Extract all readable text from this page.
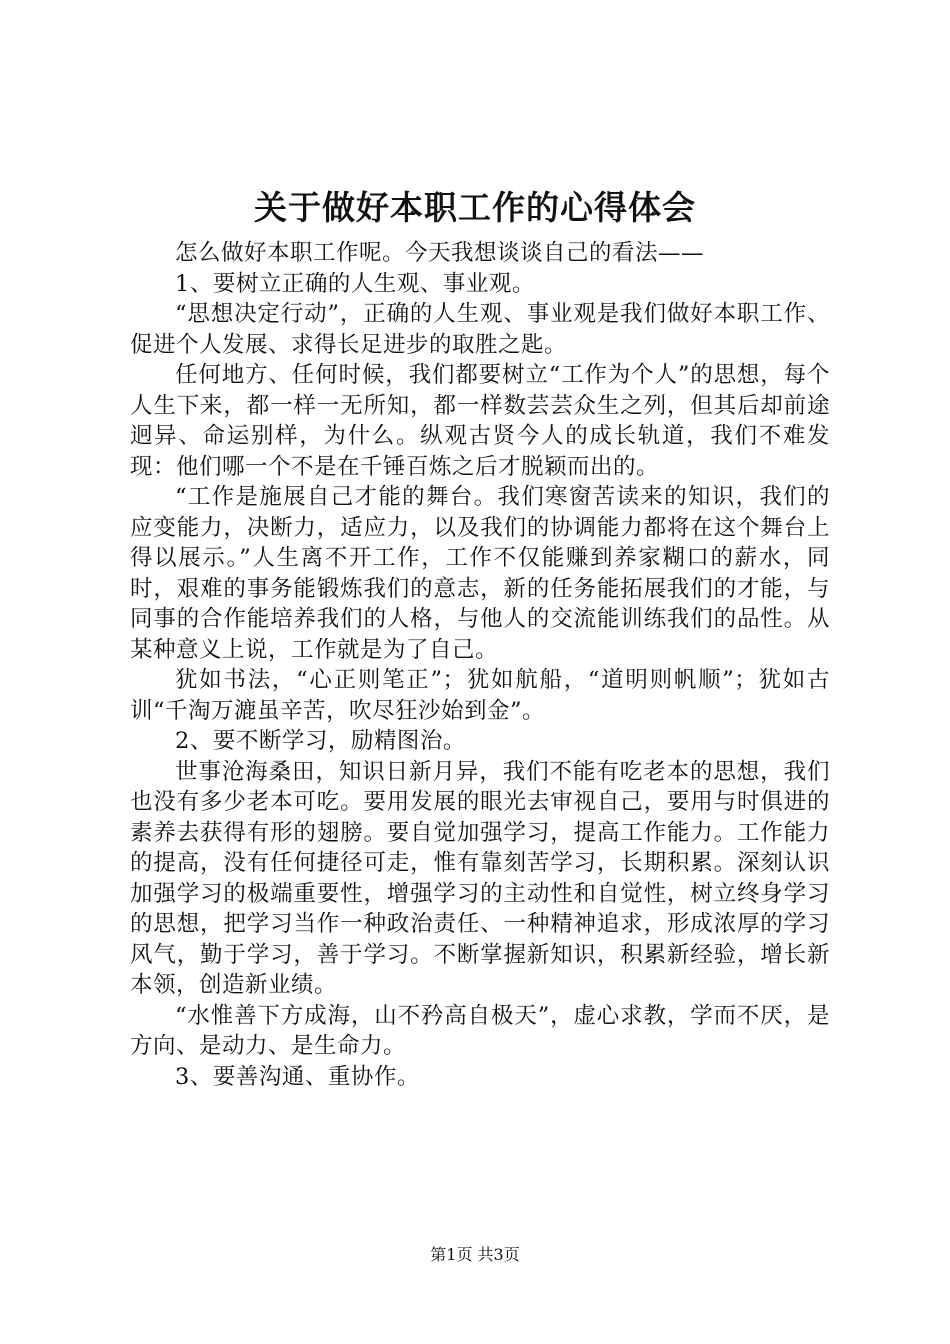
关于做好本职工作的心得体会

怎么做好本职工作呢。今天我想谈谈自己的看法——

1、要树立正确的人生观、事业观。

“思想决定行动”，正确的人生观、事业观是我们做好本职工作、促进个人发展、求得长足进步的取胜之匙。

任何地方、任何时候，我们都要树立“工作为个人”的思想，每个人生下来，都一样一无所知，都一样数芸芸众生之列，但其后却前途迥异、命运别样，为什么。纵观古贤今人的成长轨道，我们不难发现：他们哪一个不是在千锤百炼之后才脱颖而出的。

“工作是施展自己才能的舞台。我们寒窗苦读来的知识，我们的应变能力，决断力，适应力，以及我们的协调能力都将在这个舞台上得以展示。”人生离不开工作，工作不仅能赚到养家糊口的薪水，同时，艰难的事务能锻炼我们的意志，新的任务能拓展我们的才能，与同事的合作能培养我们的人格，与他人的交流能训练我们的品性。从某种意义上说，工作就是为了自己。

犹如书法，“心正则笔正”；犹如航船，“道明则帆顺”；犹如古训“千淘万漉虽辛苦，吹尽狂沙始到金”。

2、要不断学习，励精图治。

世事沧海桑田，知识日新月异，我们不能有吃老本的思想，我们也没有多少老本可吃。要用发展的眼光去审视自己，要用与时俱进的素养去获得有形的翅膀。要自觉加强学习，提高工作能力。工作能力的提高，没有任何捷径可走，惟有靠刻苦学习，长期积累。深刻认识加强学习的极端重要性，增强学习的主动性和自觉性，树立终身学习的思想，把学习当作一种政治责任、一种精神追求，形成浓厚的学习风气，勤于学习，善于学习。不断掌握新知识，积累新经验，增长新本领，创造新业绩。

“水惟善下方成海，山不矜高自极天”，虚心求教，学而不厌，是方向、是动力、是生命力。

3、要善沟通、重协作。

第1页 共3页
